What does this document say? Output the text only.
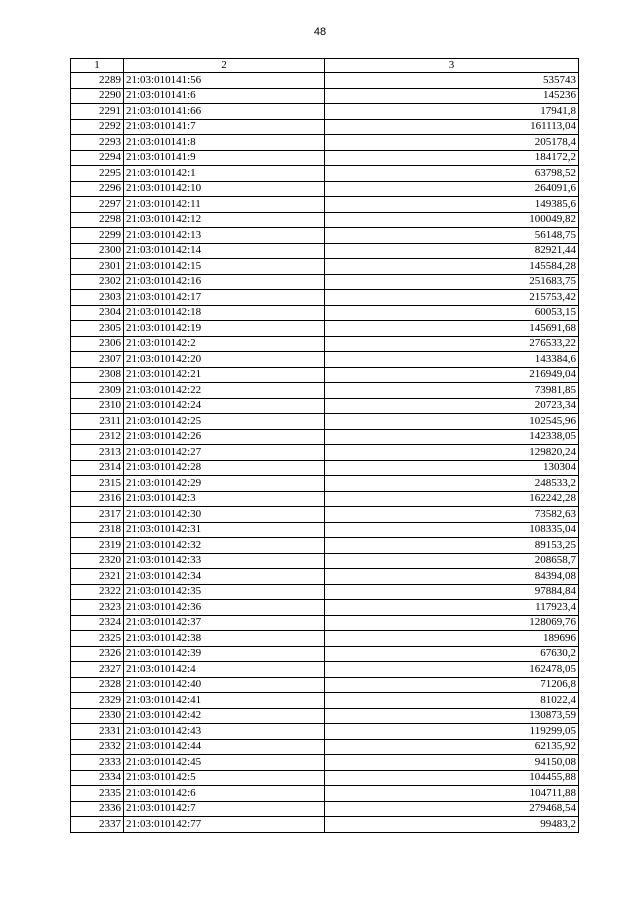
48
1	2	3
2289	21:03:010141:56	535743
2290	21:03:010141:6	145236
2291	21:03:010141:66	17941,8
2292	21:03:010141:7	161113,04
2293	21:03:010141:8	205178,4
2294	21:03:010141:9	184172,2
2295	21:03:010142:1	63798,52
2296	21:03:010142:10	264091,6
2297	21:03:010142:11	149385,6
2298	21:03:010142:12	100049,82
2299	21:03:010142:13	56148,75
2300	21:03:010142:14	82921,44
2301	21:03:010142:15	145584,28
2302	21:03:010142:16	251683,75
2303	21:03:010142:17	215753,42
2304	21:03:010142:18	60053,15
2305	21:03:010142:19	145691,68
2306	21:03:010142:2	276533,22
2307	21:03:010142:20	143384,6
2308	21:03:010142:21	216949,04
2309	21:03:010142:22	73981,85
2310	21:03:010142:24	20723,34
2311	21:03:010142:25	102545,96
2312	21:03:010142:26	142338,05
2313	21:03:010142:27	129820,24
2314	21:03:010142:28	130304
2315	21:03:010142:29	248533,2
2316	21:03:010142:3	162242,28
2317	21:03:010142:30	73582,63
2318	21:03:010142:31	108335,04
2319	21:03:010142:32	89153,25
2320	21:03:010142:33	208658,7
2321	21:03:010142:34	84394,08
2322	21:03:010142:35	97884,84
2323	21:03:010142:36	117923,4
2324	21:03:010142:37	128069,76
2325	21:03:010142:38	189696
2326	21:03:010142:39	67630,2
2327	21:03:010142:4	162478,05
2328	21:03:010142:40	71206,8
2329	21:03:010142:41	81022,4
2330	21:03:010142:42	130873,59
2331	21:03:010142:43	119299,05
2332	21:03:010142:44	62135,92
2333	21:03:010142:45	94150,08
2334	21:03:010142:5	104455,88
2335	21:03:010142:6	104711,88
2336	21:03:010142:7	279468,54
2337	21:03:010142:77	99483,2
